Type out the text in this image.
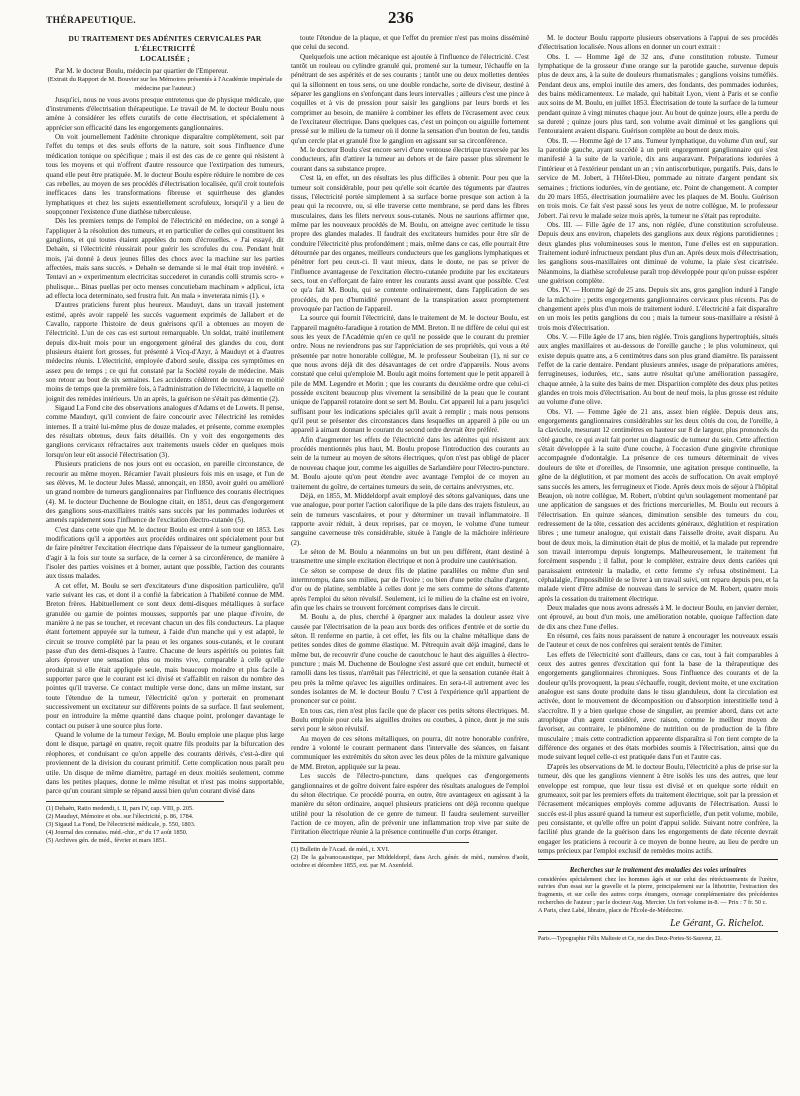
THÉRAPEUTIQUE.	236
DU TRAITEMENT DES ADÉNITES CERVICALES PAR L'ÉLECTRICITÉ
LOCALISÉE ;

Par M. le docteur Boulu, médecin par quartier de l'Empereur.

(Extrait du Rapport de M. Bouvier sur les Mémoires présentés à l'Académie impériale de médecine par l'auteur.)

Jusqu'ici, nous ne vous avons presque entretenus que de physique médicale, que d'instruments d'électrisation thérapeutique. Le travail de M. le docteur Boulu nous amène à considérer les effets curatifs de cette électrisation, et spécialement à apprécier son efficacité dans les engorgements ganglionnaires.

On voit journellement l'adénite chronique disparaître complétement, soit par l'effet du temps et des seuls efforts de la nature, soit sous l'influence d'une médication tonique ou spécifique ; mais il est des cas de ce genre qui résistent à tous les moyens et qui n'offrent d'autre ressource que l'extirpation des tumeurs, quand elle peut être pratiquée. M. le docteur Boulu espère réduire le nombre de ces cas rebelles, au moyen de ses procédés d'électrisation localisée, qu'il croit toutefois inefficaces dans les transformations fibreuse et squirrheuse des glandes lymphatiques et chez les sujets essentiellement scrofuleux, lorsqu'il y a lieu de soupçonner l'existence d'une diathèse tuberculeuse.

Dès les premiers temps de l'emploi de l'électricité en médecine, on a songé à l'appliquer à la résolution des tumeurs, et en particulier de celles qui constituent les ganglions, et qui toutes étaient appelées du nom d'écrouelles. « J'ai essayé, dit Dehaën, si l'électricité réussirait pour guérir les scrofules du cou. Pendant huit mois, j'ai donné à deux jeunes filles des chocs avec la machine sur les parties affectées, mais sans succès. » Dehaën se demande si le mal était trop invétéré. « Tentavi an » experimentum electricitas succederet in curandis colli strumis scro- » phulisque... Binas puellas per octo menses concutiebam machinam » adplicui, icta ad effecta loca determinato, sed frustra fuit. An mala » inveterata nimis (1). »

D'autres praticiens furent plus heureux. Mauduyt, dans un travail justement estimé, après avoir rappelé les succès vaguement exprimés de Jallabert et de Cavallo, rapporte l'histoire de deux guérisons qu'il a obtenues au moyen de l'électricité. L'un de ces cas est surtout remarquable. Un soldat, traité inutilement depuis dix-huit mois pour un engorgement général des glandes du cou, dont plusieurs étaient fort grosses, fut présenté à Vicq-d'Azyr, à Mauduyt et à d'autres médecins réunis. L'électricité, employée d'abord seule, dissipa ces symptômes en assez peu de temps ; ce qui fut constaté par la Société royale de médecine. Mais son retour au bout de six semaines. Les accidents cédèrent de nouveau en moitié moins de temps que la première fois, à l'administration de l'électricité, à laquelle on joignit des remèdes intérieurs. Un an après, la guérison ne s'était pas démentie (2).

Sigaud La Fond cite des observations analogues d'Adams et de Lowets. Il pense, comme Mauduyt, qu'il convient de faire concourir avec l'électricité les remèdes internes. Il a traité lui-même plus de douze malades, et présente, comme exemples des résultats obtenus, deux faits détaillés. On y voit des engorgements des ganglions cervicaux réfractaires aux traitements usuels céder en quelques mois lorsqu'on leur eût associé l'électrisation (3).

Plusieurs praticiens de nos jours ont eu occasion, en pareille circonstance, de recourir au même moyen. Récamier l'avait plusieurs fois mis en usage, et l'un de ses élèves, M. le docteur Jules Massé, annonçait, en 1850, avoir guéri ou amélioré un grand nombre de tumeurs ganglionnaires par l'influence des courants électriques (4). M. le docteur Duchenne de Boulogne citait, en 1851, deux cas d'engorgement des ganglions sous-maxillaires traités sans succès par les pommades iodurées et amenés rapidement sous l'influence de l'excitation électro-cutanée (5).

C'est dans cette voie que M. le docteur Boulu est entré à son tour en 1853. Les modifications qu'il a apportées aux procédés ordinaires ont spécialement pour but de faire pénétrer l'excitation électrique dans l'épaisseur de la tumeur ganglionnaire, d'agir à la fois sur toute sa surface, de la cerner à sa circonférence, de manière à l'isoler des parties voisines et à borner, autant que possible, l'action des courants aux tissus malades.

A cet effet, M. Boulu se sert d'excitateurs d'une disposition particulière, qu'il varie suivant les cas, et dont il a confié la fabrication à l'habileté connue de MM. Breton frères. Habituellement ce sont deux demi-disques métalliques à surface granulée ou garnie de pointes mousses, supportés par une plaque d'ivoire, de manière à ne pas se toucher, et recevant chacun un des fils conducteurs. La plaque étant fortement appuyée sur la tumeur, à l'aide d'un manche qui y est adapté, le circuit se trouve complété par la peau et les organes sous-cutanés, et le courant passe d'un des demi-disques à l'autre. Chacune de leurs aspérités ou pointes fait alors éprouver une sensation plus ou moins vive, comparable à celle qu'elle produirait si elle était appliquée seule, mais beaucoup moindre et plus facile à supporter parce que le courant est ici divisé et s'affaiblit en raison du nombre des pointes qu'il traverse. Ce contact multiple verse donc, dans un même instant, sur toute l'étendue de la tumeur, l'électricité qu'on y porterait en promenant successivement un excitateur sur différents points de sa surface. Il faut seulement, pour en introduire la même quantité dans chaque point, prolonger davantage le contact ou puiser à une source plus forte.

Quand le volume de la tumeur l'exige, M. Boulu emploie une plaque plus large dont le disque, partagé en quatre, reçoit quatre fils produits par la bifurcation des réophores, et conduisant ce qu'on appelle des courants dérivés, c'est-à-dire qui proviennent de la division du courant primitif. Cette complication nous paraît peu utile. Un disque de même diamètre, partagé en deux moitiés seulement, comme dans les petites plaques, donne le même résultat et n'est pas moins supportable, parce qu'un courant simple se répand aussi bien qu'un courant divisé dans

(1) Dehaën, Ratio medendi, t. II, pars IV, cap. VIII, p. 205.
(2) Mauduyt, Mémoire et obs. sur l'électricité, p. 86, 1784.
(3) Sigaud La Fond, De l'électricité médicale, p. 550, 1803.
(4) Journal des connaiss. méd.-chir., nº du 17 août 1850.
(5) Archives gén. de méd., février et mars 1851.

toute l'étendue de la plaque, et que l'effet du premier n'est pas moins disséminé que celui du second.

Quelquefois une action mécanique est ajoutée à l'influence de l'électricité. C'est tantôt un rouleau ou cylindre granulé qui, promené sur la tumeur, l'échauffe en la pénétrant de ses aspérités et de ses courants ; tantôt une ou deux mollettes dentées qui la sillonnent en tous sens, ou une double rondache, sorte de diviseur, destiné à séparer les ganglions en s'enfonçant dans leurs intervalles ; ailleurs c'est une pince à coquilles et à vis de pression pour saisir les ganglions par leurs bords et les comprimer au besoin, de manière à combiner les effets de l'écrasement avec ceux de l'excitateur électrique. Dans quelques cas, c'est un poinçon ou aiguille fortement pressé sur le milieu de la tumeur où il donne la sensation d'un bouton de feu, tandis qu'un cercle plat et granulé fixe le ganglion en agissant sur sa circonférence.

M. le docteur Boulu s'est encore servi d'une ventouse électrique traversée par les conducteurs, afin d'attirer la tumeur au dehors et de faire passer plus sûrement le courant dans sa substance propre.

C'est là, en effet, un des résultats les plus difficiles à obtenir. Pour peu que la tumeur soit considérable, pour peu qu'elle soit écartée des téguments par d'autres tissus, l'électricité portée simplement à sa surface borne presque son action à la peau qui la recouvre, ou, si elle traverse cette membrane, se perd dans les fibres musculaires, dans les filets nerveux sous-cutanés. Nous ne saurions affirmer que, même par les nouveaux procédés de M. Boulu, on atteigne avec certitude le tissu propre des glandes malades. Il faudrait des excitateurs humides pour être sûr de conduire l'électricité plus profondément ; mais, même dans ce cas, elle pourrait être détournée par des organes, meilleurs conducteurs que les ganglions lymphatiques et pénétrer fort peu ceux-ci. Il vaut mieux, dans le doute, ne pas se priver de l'influence avantageuse de l'excitation électro-cutanée produite par les excitateurs secs, tout en s'efforçant de faire entrer les courants aussi avant que possible. C'est ce qu'a fait M. Boulu, qui se contente ordinairement, dans l'application de ses procédés, du peu d'humidité provenant de la transpiration assez promptement provoquée par l'action de l'appareil.

La source qui fournit l'électricité, dans le traitement de M. le docteur Boulu, est l'appareil magnéto-faradique à rotation de MM. Breton. Il ne diffère de celui qui est sous les yeux de l'Académie qu'en ce qu'il ne possède que le courant du premier ordre. Nous ne reviendrons pas sur l'appréciation de ses propriétés, qui vous a été présentée par notre honorable collègue, M. le professeur Soubeiran (1), ni sur ce que nous avons déjà dit des désavantages de cet ordre d'appareils. Nous avons constaté que celui qu'emploie M. Boulu agit moins fortement que le petit appareil à pile de MM. Legendre et Morin ; que les courants du deuxième ordre que celui-ci possède excitent beaucoup plus vivement la sensibilité de la peau que le courant unique de l'appareil rotatoire dont se sert M. Boulu. Cet appareil lui a paru jusqu'ici suffisant pour les indications spéciales qu'il avait à remplir ; mais nous pensons qu'il peut se présenter des circonstances dans lesquelles un appareil à pile ou un appareil à aimant donnant le courant du second ordre devrait être préféré.

Afin d'augmenter les effets de l'électricité dans les adénites qui résistent aux procédés mentionnés plus haut, M. Boulu propose l'introduction des courants au sein de la tumeur au moyen de sétons électriques, qu'on n'est pas obligé de placer de nouveau chaque jour, comme les aiguilles de Sarlandière pour l'électro-puncture. M. Boulu ajoute qu'on peut étendre avec avantage l'emploi de ce moyen au traitement du goître, de certaines tumeurs du sein, de certains anévrysmes, etc.

Déjà, en 1855, M. Middeldorpf avait employé des sétons galvaniques, dans une vue analogue, pour porter l'action calorifique de la pile dans des trajets fistuleux, au sein de tumeurs vasculaires, et pour y déterminer un travail inflammatoire. Il rapporte avoir réduit, à deux reprises, par ce moyen, le volume d'une tumeur sanguine caverneuse très considérable, située à l'angle de la mâchoire inférieure (2).

Le séton de M. Boulu a néanmoins un but un peu différent, étant destiné à transmettre une simple excitation électrique et non à produire une cautérisation.

Ce séton se compose de deux fils de platine parallèles ou même d'un seul intermrompu, dans son milieu, par de l'ivoire ; ou bien d'une petite chaîne d'argent, d'or ou de platine, semblable à celles dont je me sers comme de sétons d'attente après l'emploi du séton révulsif. Seulement, ici le milieu de la chaîne est en ivoire, afin que les chairs se trouvent forcément comprises dans le circuit.

M. Boulu a, de plus, cherché à épargner aux malades la douleur assez vive causée par l'électrisation de la peau aux bords des orifices d'entrée et de sortie du séton. Il renferme en partie, à cet effet, les fils ou la chaîne métallique dans de petites sondes dites de gomme élastique. M. Pétrequin avait déjà imaginé, dans le même but, de recouvrir d'une couche de caoutchouc le haut des aiguilles à électro-puncture ; mais M. Duchenne de Boulogne s'est assuré que cet enduit, humecté et ramolli dans les tissus, n'arrêtait pas l'électricité, et que la sensation cutanée était à peu près la même qu'avec les aiguilles ordinaires. En sera-t-il autrement avec les sondes isolantes de M. le docteur Boulu ? C'est à l'expérience qu'il appartient de prononcer sur ce point.

En tous cas, rien n'est plus facile que de placer ces petits sétons électriques. M. Boulu emploie pour cela les aiguilles droites ou courbes, à pince, dont je me suis servi pour le séton révulsif.

Au moyen de ces sétons métalliques, on pourra, dit notre honorable confrère, rendre à volonté le courant permanent dans l'intervalle des séances, en faisant communiquer les extrémités du séton avec les deux pôles de la mixture galvanique de MM. Breton, appliquée sur la peau.

Les succès de l'électro-puncture, dans quelques cas d'engorgements ganglionnaires et de goître doivent faire espérer des résultats analogues de l'emploi du séton électrique. Ce procédé pourra, en outre, être avantageux en agissant à la manière du séton ordinaire, auquel plusieurs praticiens ont déjà reconnu quelque utilité pour la résolution de ce genre de tumeur. Il faudra seulement surveiller l'action de ce moyen, afin de prévenir une inflammation trop vive par suite de l'irritation électrique réunie à la présence continuelle d'un corps étranger.

(1) Bulletin de l'Acad. de méd., t. XVI.
(2) De la galvanocaustique, par Middeldorpf, dans Arch. génér. de méd., numéros d'août, octobre et décembre 1855, ext. par M. Axenfeld.

M. le docteur Boulu rapporte plusieurs observations à l'appui de ses procédés d'électrisation localisée. Nous allons en donner un court extrait :

Obs. I. — Homme âgé de 32 ans, d'une constitution robuste. Tumeur lymphatique de la grosseur d'une orange sur la parotide gauche, survenue depuis plus de deux ans, à la suite de douleurs rhumatismales ; ganglions voisins tuméfiés. Pendant deux ans, emploi inutile des amers, des fondants, des pommades iodurées, des bains médicamenteux. Le malade, qui habitait Lyon, vient à Paris et se confie aux soins de M. Boulu, en juillet 1853. Électrisation de toute la surface de la tumeur pendant quinze à vingt minutes chaque jour. Au bout de quinze jours, elle a perdu de sa dureté ; quinze jours plus tard, son volume avait diminué et les ganglions qui l'entouraient avaient disparu. Guérison complète au bout de deux mois.

Obs. II. — Homme âgé de 17 ans. Tumeur lymphatique, du volume d'un œuf, sur la parotide gauche, ayant succédé à un petit engorgement ganglionnaire qui s'est manifesté à la suite de la variole, dix ans auparavant. Préparations iodurées à l'intérieur et à l'extérieur pendant un an ; vin antiscorbutique, purgatifs. Puis, dans le service de M. Jobert, à l'Hôtel-Dieu, pommade au nitrate d'argent pendant six semaines ; frictions iodurées, vin de gentiane, etc. Point de changement. A compter du 20 mars 1855, électrisation journalière avec les plaques de M. Boulu. Guérison en trois mois. Ce fait s'est passé sous les yeux de notre collègue, M. le professeur Jobert. J'ai revu le malade seize mois après, la tumeur ne s'était pas reproduite.

Obs. III. — Fille âgée de 17 ans, non réglée, d'une constitution scrofuleuse. Depuis deux ans environ, chapelets des ganglions aux deux régions parotidiennes ; deux glandes plus volumineuses sous le menton, l'une d'elles est en suppuration. Traitement ioduré infructueux pendant plus d'un an. Après deux mois d'électrisation, les ganglions sous-maxillaires ont diminué de volume, la plaie s'est cicatrisée. Néanmoins, la diathèse scrofuleuse paraît trop développée pour qu'on puisse espérer une guérison complète.

Obs. IV. — Homme âgé de 25 ans. Depuis six ans, gros ganglion induré à l'angle de la mâchoire ; petits engorgements ganglionnaires cervicaux plus récents. Pas de changement après plus d'un mois de traitement ioduré. L'électricité a fait disparaître en un mois les petits ganglions du cou ; mais la tumeur sous-maxillaire a résisté à trois mois d'électrisation.

Obs. V. — Fille âgée de 17 ans, bien réglée. Trois ganglions hypertrophiés, situés aux angles maxillaires et au-dessous de l'oreille gauche ; le plus volumineux, qui existe depuis quatre ans, a 6 centimètres dans son plus grand diamètre. Ils paraissent l'effet de la carie dentaire. Pendant plusieurs années, usage de préparations amères, ferrugineuses, iodurées, etc., sans autre résultat qu'une amélioration passagère, chaque année, à la suite des bains de mer. Disparition complète des deux plus petites glandes en trois mois d'électrisation. Au bout de neuf mois, la plus grosse est réduite au volume d'une olive.

Obs. VI. — Femme âgée de 21 ans, assez bien réglée. Depuis deux ans, engorgements ganglionnaires considérables sur les deux côtés du cou, de l'oreille, à la clavicule, mesurant 12 centimètres en hauteur sur 8 de largeur, plus prononcés du côté gauche, ce qui avait fait porter un diagnostic de tumeur du sein. Cette affection s'était développée à la suite d'une couche, à l'occasion d'une gingivite chronique accompagnée d'odontalgie. La présence de ces tumeurs déterminait de vives douleurs de tête et d'oreilles, de l'insomnie, une agitation presque continuelle, la gêne de la déglutition, et par moment des accès de suffocation. On avait employé sans succès les amers, les ferrugineux et l'iode. Après deux mois de séjour à l'hôpital Beaujon, où notre collègue, M. Robert, n'obtint qu'un soulagement momentané par une application de sangsues et des frictions mercurielles, M. Boulu eut recours à l'électrisation. En quinze séances, diminution sensible des tumeurs du cou, redressement de la tête, cessation des accidents généraux, déglutition et respiration libres ; une tumeur analogue, qui existait dans l'aisselle droite, avait disparu. Au bout de deux mois, la diminution était de plus de moitié, et la malade put reprendre son travail interrompu depuis longtemps. Malheureusement, le traitement fut forcément suspendu ; il fallut, pour le compléter, extraire deux dents cariées qui paraissaient entretenir la maladie, et cette femme s'y refusa obstinément. La céphalalgie, l'impossibilité de se livrer à un travail suivi, ont reparu depuis peu, et la malade vient d'être admise de nouveau dans le service de M. Robert, quatre mois après la cessation du traitement électrique.

Deux malades que nous avons adressés à M. le docteur Boulu, en janvier dernier, ont éprouvé, au bout d'un mois, une amélioration notable, quoique l'affection date de dix ans chez l'une d'elles.

En résumé, ces faits nous paraissent de nature à encourager les nouveaux essais de l'auteur et ceux de nos confrères qui seraient tentés de l'imiter.

Les effets de l'électricité sont d'ailleurs, dans ce cas, tout à fait comparables à ceux des autres genres d'excitation qui font la base de la thérapeutique des engorgements ganglionnaires chroniques. Sous l'influence des courants et de la douleur qu'ils provoquent, la peau s'échauffe, rougit, devient moite, et une excitation analogue est sans doute produite dans le tissu glanduleux, dont la circulation est activée, dont le mouvement de décomposition ou d'absorption interstitielle tend à s'accroître. Il y a bien quelque chose de singulier, au premier abord, dans cet acte atrophique d'un agent considéré, avec raison, comme le meilleur moyen de favoriser, au contraire, le phénomène de nutrition ou de production de la fibre musculaire ; mais cette contradiction apparente disparaîtra si l'on tient compte de la différence des organes et des états morbides soumis à l'électrisation, ainsi que du mode suivant lequel celle-ci est pratiquée dans l'un et l'autre cas.

D'après les observations de M. le docteur Boulu, l'électricité a plus de prise sur la tumeur, dès que les ganglions viennent à être isolés les uns des autres, que leur enveloppe est rompue, que leur tissu est divisé et en quelque sorte réduit en grumeaux, soit par les premiers effets du traitement électrique, soit par la pression et l'écrasement mécaniques employés comme adjuvants de l'électrisation. Aussi le succès est-il plus assuré quand la tumeur est superficielle, d'un petit volume, mobile, peu consistante, et qu'elle offre un point d'appui solide. Suivant notre confrère, la facilité plus grande de la guérison dans les engorgements de date récente devrait engager les praticiens à recourir à ce moyen de bonne heure, au lieu de perdre un temps précieux par l'emploi exclusif de remèdes moins actifs.

Recherches sur le traitement des maladies des voies urinaires
considérées spécialement chez les hommes âgés et sur celui des rétrécissements de l'urètre, suivies d'un essai sur la gravelle et la pierre, principalement sur la lithotritie, l'extraction des fragments, et sur celle des autres corps étrangers, ouvrage complémentaire des précédentes recherches de l'auteur ; par le docteur Aug. Mercier. Un fort volume in-8. — Prix : 7 fr. 50 c.
A Paris, chez Labé, libraire, place de l'École-de-Médecine.
Le Gérant, G. Richelot.
Paris.—Typographie Félix Malteste et Ce, rue des Deux-Portes-St-Sauveur, 22.
